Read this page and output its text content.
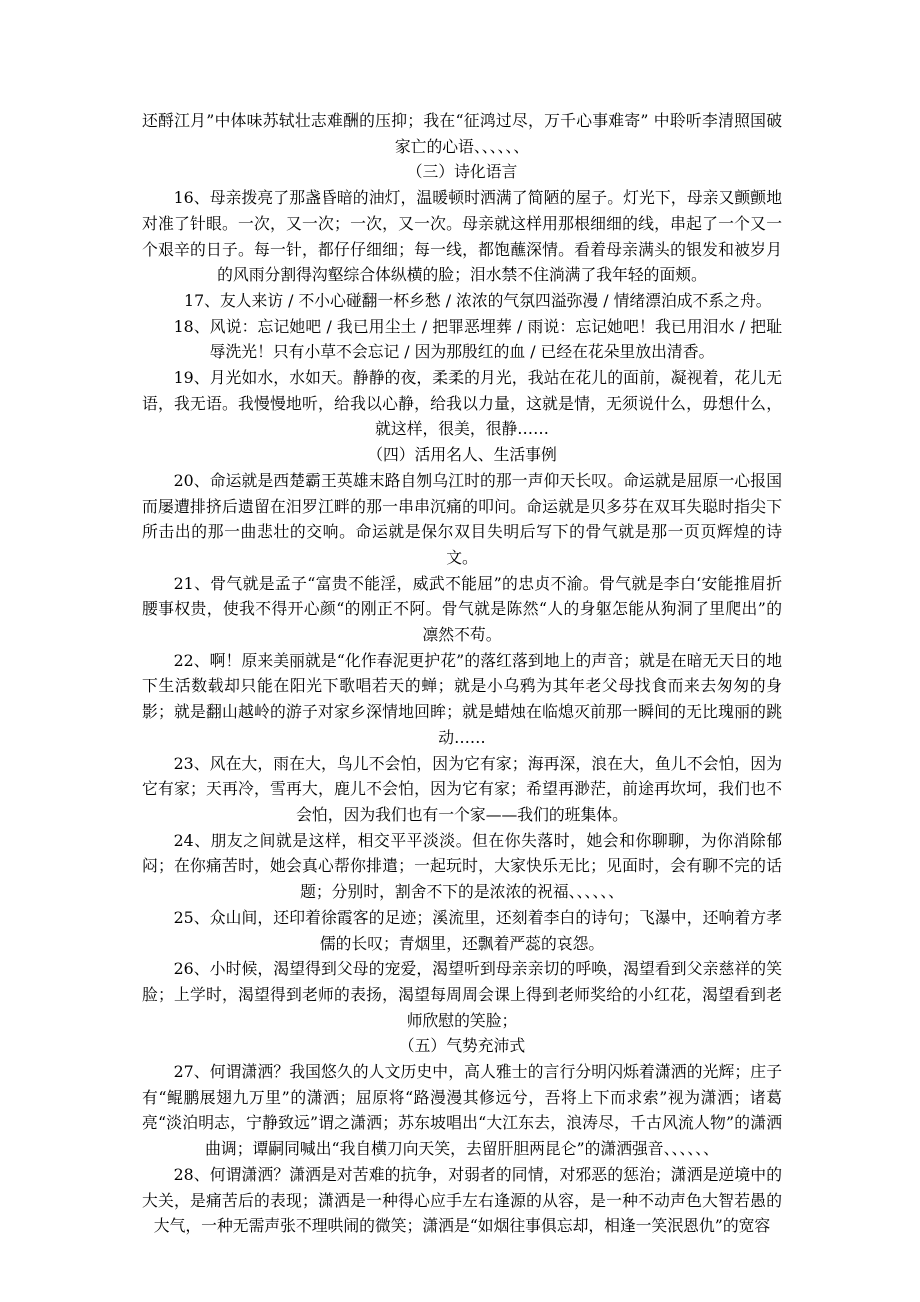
还酹江月”中体味苏轼壮志难酬的压抑；我在“征鸿过尽，万千心事难寄” 中聆听李清照国破家亡的心语、、、、、、

（三）诗化语言

16、母亲拨亮了那盏昏暗的油灯，温暖顿时洒满了简陋的屋子。灯光下，母亲又颤颤地对准了针眼。一次，又一次；一次，又一次。母亲就这样用那根细细的线，串起了一个又一个艰辛的日子。每一针，都仔仔细细；每一线，都饱蘸深情。看着母亲满头的银发和被岁月的风雨分割得沟壑综合体纵横的脸；泪水禁不住淌满了我年轻的面颊。

17、友人来访 / 不小心碰翻一杯乡愁 / 浓浓的气氛四溢弥漫 / 情绪漂泊成不系之舟。

18、风说：忘记她吧 / 我已用尘土 / 把罪恶埋葬 / 雨说：忘记她吧！我已用泪水 / 把耻辱洗光！只有小草不会忘记 / 因为那殷红的血 / 已经在花朵里放出清香。

19、月光如水，水如天。静静的夜，柔柔的月光，我站在花儿的面前，凝视着，花儿无语，我无语。我慢慢地听，给我以心静，给我以力量，这就是情，无须说什么，毋想什么，就这样，很美，很静……

（四）活用名人、生活事例

20、命运就是西楚霸王英雄末路自刎乌江时的那一声仰天长叹。命运就是屈原一心报国而屡遭排挤后遗留在汨罗江畔的那一串串沉痛的叩问。命运就是贝多芬在双耳失聪时指尖下所击出的那一曲悲壮的交响。命运就是保尔双目失明后写下的骨气就是那一页页辉煌的诗文。

21、骨气就是孟子“富贵不能淫，威武不能屈”的忠贞不渝。骨气就是李白‘安能推眉折腰事权贵，使我不得开心颜“的刚正不阿。骨气就是陈然“人的身躯怎能从狗洞了里爬出”的凛然不苟。

22、啊！原来美丽就是“化作春泥更护花”的落红落到地上的声音；就是在暗无天日的地下生活数载却只能在阳光下歌唱若天的蝉；就是小乌鸦为其年老父母找食而来去匆匆的身影；就是翻山越岭的游子对家乡深情地回眸；就是蜡烛在临熄灭前那一瞬间的无比瑰丽的跳动……

23、风在大，雨在大，鸟儿不会怕，因为它有家；海再深，浪在大，鱼儿不会怕，因为它有家；天再冷，雪再大，鹿儿不会怕，因为它有家；希望再渺茫，前途再坎坷，我们也不会怕，因为我们也有一个家——我们的班集体。

24、朋友之间就是这样，相交平平淡淡。但在你失落时，她会和你聊聊，为你消除郁闷；在你痛苦时，她会真心帮你排遣；一起玩时，大家快乐无比；见面时，会有聊不完的话题；分别时，割舍不下的是浓浓的祝福、、、、、、

25、众山间，还印着徐霞客的足迹；溪流里，还刻着李白的诗句；飞瀑中，还响着方孝儒的长叹；青烟里，还飘着严蕊的哀怨。

26、小时候，渴望得到父母的宠爱，渴望听到母亲亲切的呼唤，渴望看到父亲慈祥的笑脸；上学时，渴望得到老师的表扬，渴望每周周会课上得到老师奖给的小红花，渴望看到老师欣慰的笑脸；

（五）气势充沛式

27、何谓潇洒？我国悠久的人文历史中，高人雅士的言行分明闪烁着潇洒的光辉；庄子有“鲲鹏展翅九万里”的潇洒；屈原将“路漫漫其修远兮，吾将上下而求索”视为潇洒；诸葛亮“淡泊明志，宁静致远”谓之潇洒；苏东坡唱出“大江东去，浪涛尽，千古风流人物”的潇洒曲调；谭嗣同喊出“我自横刀向天笑，去留肝胆两昆仑”的潇洒强音、、、、、、

28、何谓潇洒？潇洒是对苦难的抗争，对弱者的同情，对邪恶的惩治；潇洒是逆境中的大关，是痛苦后的表现；潇洒是一种得心应手左右逢源的从容，是一种不动声色大智若愚的大气，一种无需声张不理哄闹的微笑；潇洒是“如烟往事俱忘却，相逢一笑泯恩仇”的宽容
